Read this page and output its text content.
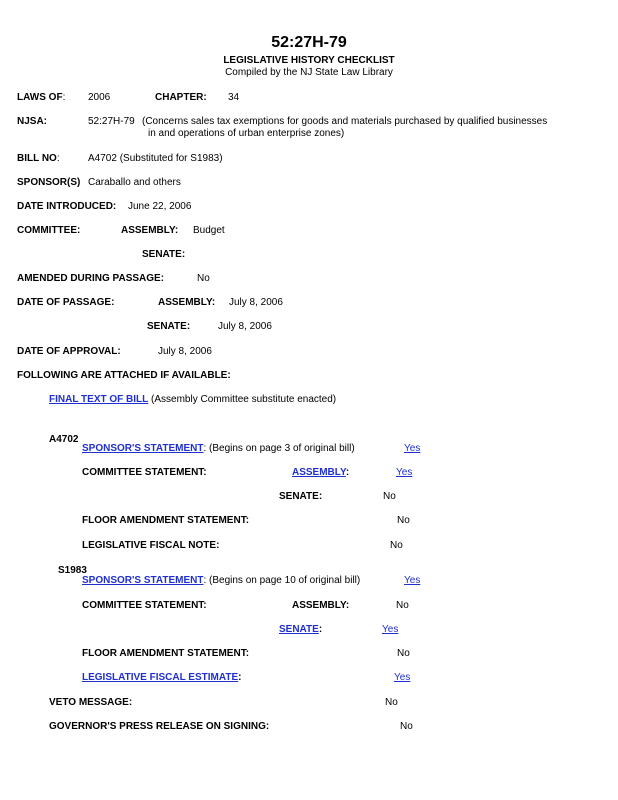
52:27H-79
LEGISLATIVE HISTORY CHECKLIST
Compiled by the NJ State Law Library
LAWS OF: 2006	CHAPTER: 34
NJSA:	52:27H-79 (Concerns sales tax exemptions for goods and materials purchased by qualified businesses
in and operations of urban enterprise zones)
BILL NO:	A4702 (Substituted for S1983)
SPONSOR(S) Caraballo and others
DATE INTRODUCED: June 22, 2006
COMMITTEE:	ASSEMBLY: Budget
SENATE:
AMENDED DURING PASSAGE:	No
DATE OF PASSAGE:	ASSEMBLY: July 8, 2006
SENATE:	July 8, 2006
DATE OF APPROVAL:	July 8, 2006
FOLLOWING ARE ATTACHED IF AVAILABLE:
FINAL TEXT OF BILL (Assembly Committee substitute enacted)
A4702
SPONSOR'S STATEMENT: (Begins on page 3 of original bill)	Yes
COMMITTEE STATEMENT:	ASSEMBLY:	Yes
SENATE:	No
FLOOR AMENDMENT STATEMENT:	No
LEGISLATIVE FISCAL NOTE:	No
S1983
SPONSOR'S STATEMENT: (Begins on page 10 of original bill)	Yes
COMMITTEE STATEMENT:	ASSEMBLY:	No
SENATE:	Yes
FLOOR AMENDMENT STATEMENT:	No
LEGISLATIVE FISCAL ESTIMATE:	Yes
VETO MESSAGE:	No
GOVERNOR'S PRESS RELEASE ON SIGNING:	No
